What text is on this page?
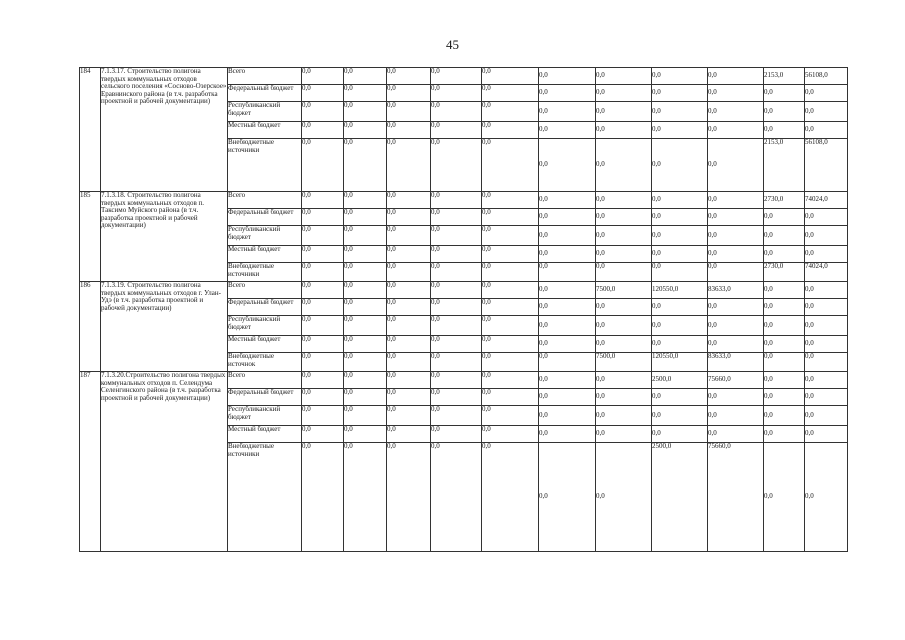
45
184	7.1.3.17. Строительство полигона твердых коммунальных отходов сельского поселения «Сосново-Озерское» Еравнинского района (в т.ч. разработка проектной и рабочей документации)	Всего	0,0	0,0	0,0	0,0	0,0	0,0	0,0	0,0	0,0	2153,0	56108,0
		Федеральный бюджет	0,0	0,0	0,0	0,0	0,0	0,0	0,0	0,0	0,0	0,0	0,0
		Республиканский бюджет	0,0	0,0	0,0	0,0	0,0	0,0	0,0	0,0	0,0	0,0	0,0
		Местный бюджет	0,0	0,0	0,0	0,0	0,0	0,0	0,0	0,0	0,0	0,0	0,0
		Внебюджетные источники	0,0	0,0	0,0	0,0	0,0	0,0	0,0	0,0	0,0	2153,0	56108,0
185	7.1.3.18. Строительство полигона твердых коммунальных отходов п. Таксимо Муйского района (в т.ч. разработка проектной и рабочей документации)	Всего	0,0	0,0	0,0	0,0	0,0	0,0	0,0	0,0	0,0	2730,0	74024,0
		Федеральный бюджет	0,0	0,0	0,0	0,0	0,0	0,0	0,0	0,0	0,0	0,0	0,0
		Республиканский бюджет	0,0	0,0	0,0	0,0	0,0	0,0	0,0	0,0	0,0	0,0	0,0
		Местный бюджет	0,0	0,0	0,0	0,0	0,0	0,0	0,0	0,0	0,0	0,0	0,0
		Внебюджетные источники	0,0	0,0	0,0	0,0	0,0	0,0	0,0	0,0	0,0	2730,0	74024,0
186	7.1.3.19. Строительство полигона твердых коммунальных отходов г. Улан-Удэ (в т.ч. разработка проектной и рабочей документации)	Всего	0,0	0,0	0,0	0,0	0,0	0,0	7500,0	120550,0	83633,0	0,0	0,0
		Федеральный бюджет	0,0	0,0	0,0	0,0	0,0	0,0	0,0	0,0	0,0	0,0	0,0
		Республиканский бюджет	0,0	0,0	0,0	0,0	0,0	0,0	0,0	0,0	0,0	0,0	0,0
		Местный бюджет	0,0	0,0	0,0	0,0	0,0	0,0	0,0	0,0	0,0	0,0	0,0
		Внебюджетные источнок	0,0	0,0	0,0	0,0	0,0	0,0	7500,0	120550,0	83633,0	0,0	0,0
187	7.1.3.20.Строительство полигона твердых коммунальных отходов п. Селендума Селенгинского района (в т.ч. разработка проектной и рабочей документации)	Всего	0,0	0,0	0,0	0,0	0,0	0,0	0,0	2500,0	75660,0	0,0	0,0
		Федеральный бюджет	0,0	0,0	0,0	0,0	0,0	0,0	0,0	0,0	0,0	0,0	0,0
		Республиканский бюджет	0,0	0,0	0,0	0,0	0,0	0,0	0,0	0,0	0,0	0,0	0,0
		Местный бюджет	0,0	0,0	0,0	0,0	0,0	0,0	0,0	0,0	0,0	0,0	0,0
		Внебюджетные источники	0,0	0,0	0,0	0,0	0,0	0,0	0,0	2500,0	75660,0	0,0	0,0
